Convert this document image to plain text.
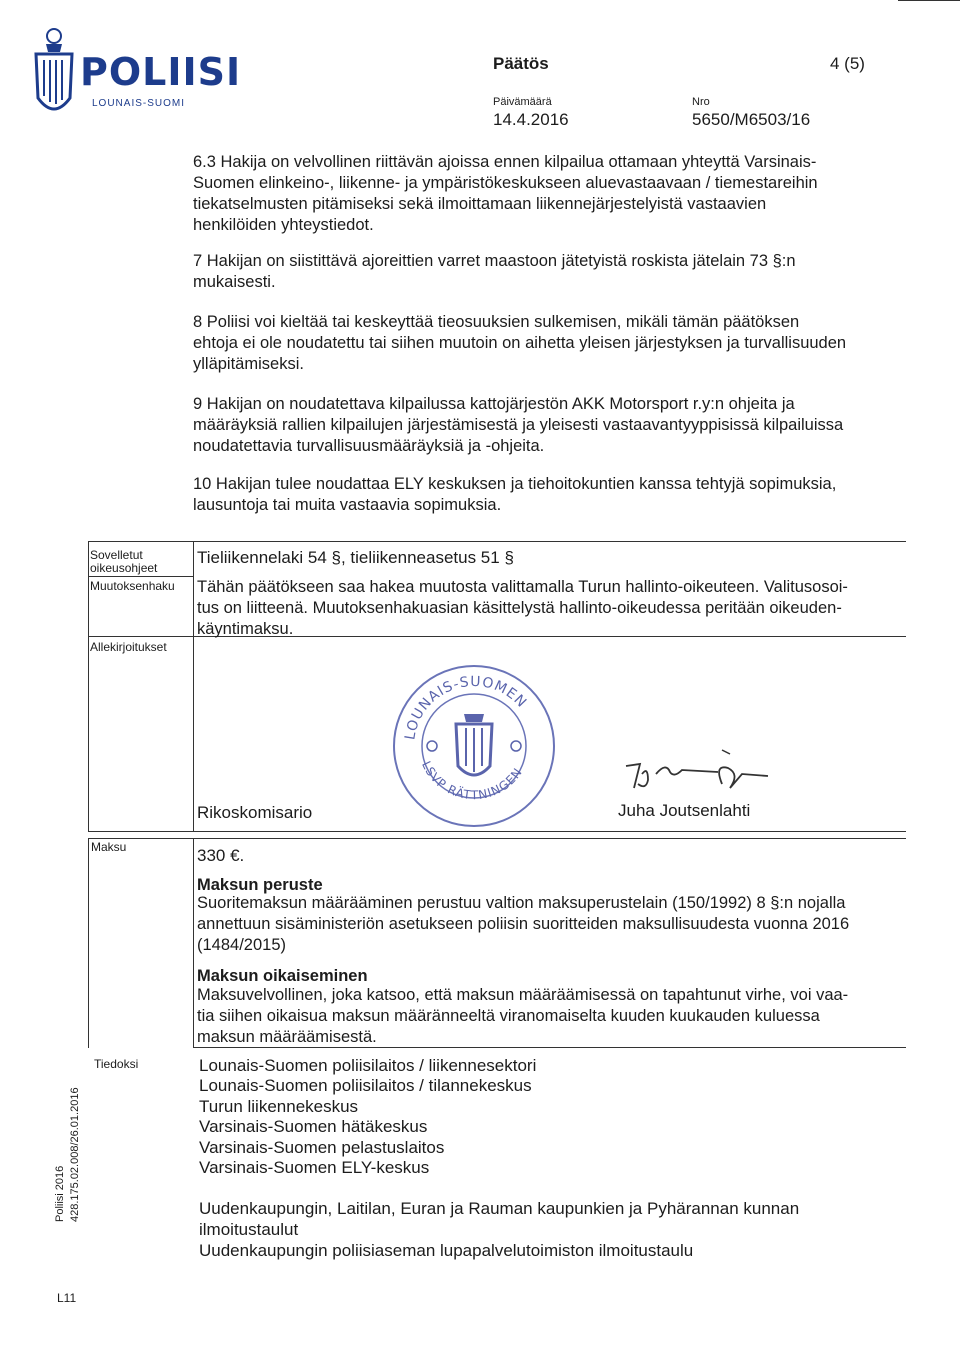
POLIISI
LOUNAIS-SUOMI
Päätös	4 (5)
Päivämäärä
14.4.2016
Nro
5650/M6503/16
6.3 Hakija on velvollinen riittävän ajoissa ennen kilpailua ottamaan yhteyttä Varsinais-
Suomen elinkeino-, liikenne- ja ympäristökeskukseen aluevastaavaan / tiemestareihin
tiekatselmusten pitämiseksi sekä ilmoittamaan liikennejärjestelyistä vastaavien
henkilöiden yhteystiedot.
7 Hakijan on siistittävä ajoreittien varret maastoon jätetyistä roskista jätelain 73 §:n
mukaisesti.
8 Poliisi voi kieltää tai keskeyttää tieosuuksien sulkemisen, mikäli tämän päätöksen
ehtoja ei ole noudatettu tai siihen muutoin on aihetta yleisen järjestyksen ja turvallisuuden
ylläpitämiseksi.
9 Hakijan on noudatettava kilpailussa kattojärjestön AKK Motorsport r.y:n ohjeita ja
määräyksiä rallien kilpailujen järjestämisestä ja yleisesti vastaavantyyppisissä kilpailuissa
noudatettavia turvallisuusmääräyksiä ja -ohjeita.
10 Hakijan tulee noudattaa ELY keskuksen ja tiehoitokuntien kanssa tehtyjä sopimuksia,
lausuntoja tai muita vastaavia sopimuksia.
Sovelletut
oikeusohjeet
Tieliikennelaki 54 §, tieliikenneasetus 51 §
Muutoksenhaku Tähän päätökseen saa hakea muutosta valittamalla Turun hallinto-oikeuteen. Valitusosoi-
tus on liitteenä. Muutoksenhakuasian käsittelystä hallinto-oikeudessa peritään oikeuden-
käyntimaksu.
Allekirjoitukset
LOUNAIS-SUOMEN
LSVP RÄTTNINGEN
Rikoskomisario	Juha Joutsenlahti
Maksu	330 €.
Maksun peruste
Suoritemaksun määrääminen perustuu valtion maksuperustelain (150/1992) 8 §:n nojalla
annettuun sisäministeriön asetukseen poliisin suoritteiden maksullisuudesta vuonna 2016
(1484/2015)
Maksun oikaiseminen
Maksuvelvollinen, joka katsoo, että maksun määräämisessä on tapahtunut virhe, voi vaa-
tia siihen oikaisua maksun määränneeltä viranomaiselta kuuden kuukauden kuluessa
maksun määräämisestä.
Tiedoksi	Lounais-Suomen poliisilaitos / liikennesektori
Lounais-Suomen poliisilaitos / tilannekeskus
Turun liikennekeskus
Varsinais-Suomen hätäkeskus
Varsinais-Suomen pelastuslaitos
Varsinais-Suomen ELY-keskus
Uudenkaupungin, Laitilan, Euran ja Rauman kaupunkien ja Pyhärannan kunnan
ilmoitustaulut
Uudenkaupungin poliisiaseman lupapalvelutoimiston ilmoitustaulu
Poliisi 2016 428.175.02.008/26.01.2016
L11
